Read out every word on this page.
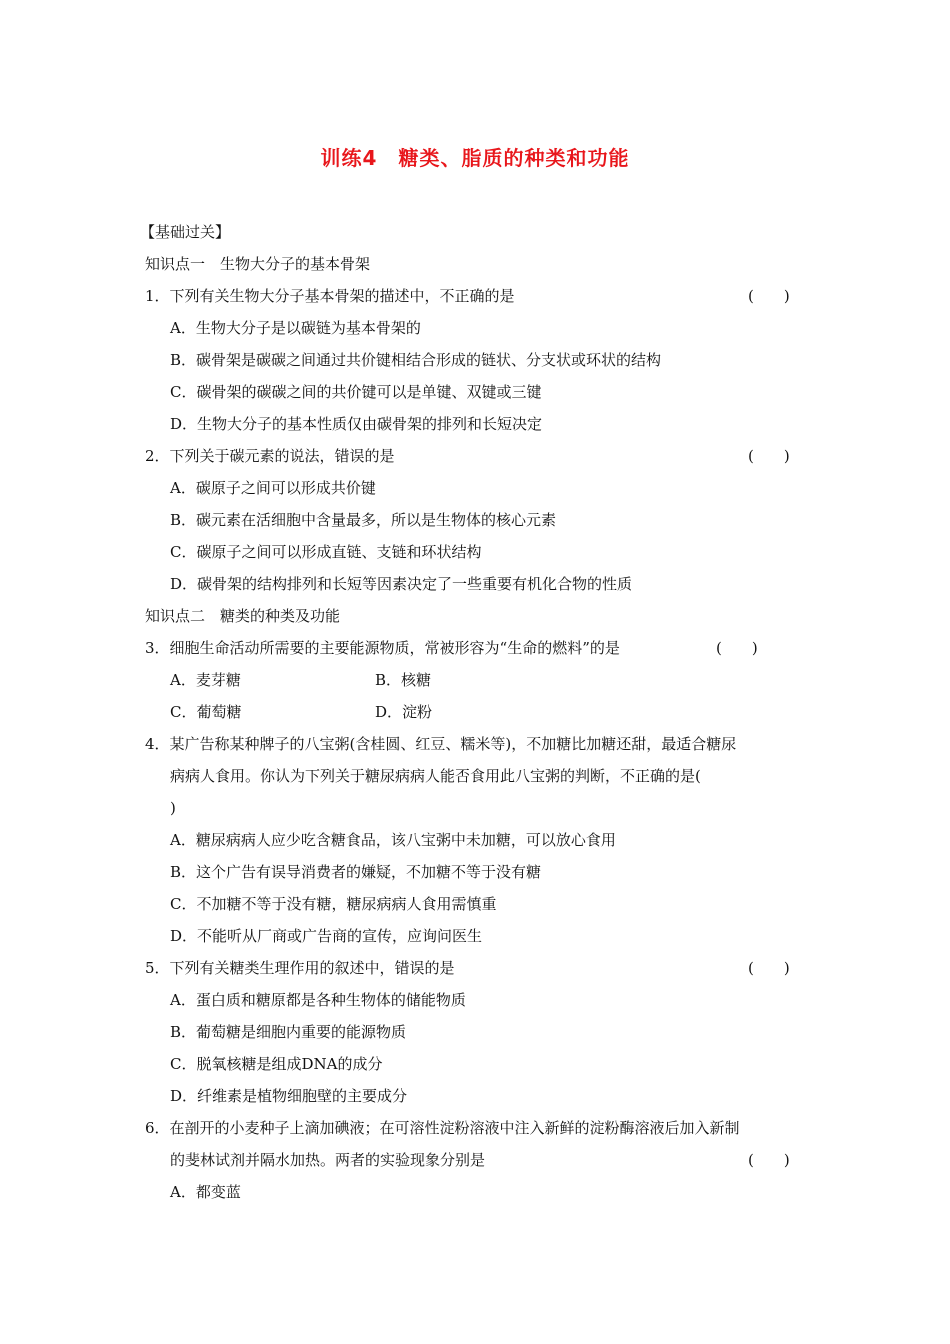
训练4　糖类、脂质的种类和功能
【基础过关】
知识点一　生物大分子的基本骨架
1．下列有关生物大分子基本骨架的描述中，不正确的是	(　　)
A．生物大分子是以碳链为基本骨架的
B．碳骨架是碳碳之间通过共价键相结合形成的链状、分支状或环状的结构
C．碳骨架的碳碳之间的共价键可以是单键、双键或三键
D．生物大分子的基本性质仅由碳骨架的排列和长短决定
2．下列关于碳元素的说法，错误的是	(　　)
A．碳原子之间可以形成共价键
B．碳元素在活细胞中含量最多，所以是生物体的核心元素
C．碳原子之间可以形成直链、支链和环状结构
D．碳骨架的结构排列和长短等因素决定了一些重要有机化合物的性质
知识点二　糖类的种类及功能
3．细胞生命活动所需要的主要能源物质，常被形容为“生命的燃料”的是	(　　)
A．麦芽糖	B．核糖
C．葡萄糖	D．淀粉
4．某广告称某种牌子的八宝粥(含桂圆、红豆、糯米等)，不加糖比加糖还甜，最适合糖尿
病病人食用。你认为下列关于糖尿病病人能否食用此八宝粥的判断，不正确的是(
)
A．糖尿病病人应少吃含糖食品，该八宝粥中未加糖，可以放心食用
B．这个广告有误导消费者的嫌疑，不加糖不等于没有糖
C．不加糖不等于没有糖，糖尿病病人食用需慎重
D．不能听从厂商或广告商的宣传，应询问医生
5．下列有关糖类生理作用的叙述中，错误的是	(　　)
A．蛋白质和糖原都是各种生物体的储能物质
B．葡萄糖是细胞内重要的能源物质
C．脱氧核糖是组成DNA的成分
D．纤维素是植物细胞壁的主要成分
6．在剖开的小麦种子上滴加碘液；在可溶性淀粉溶液中注入新鲜的淀粉酶溶液后加入新制
的斐林试剂并隔水加热。两者的实验现象分别是	(　　)
A．都变蓝
